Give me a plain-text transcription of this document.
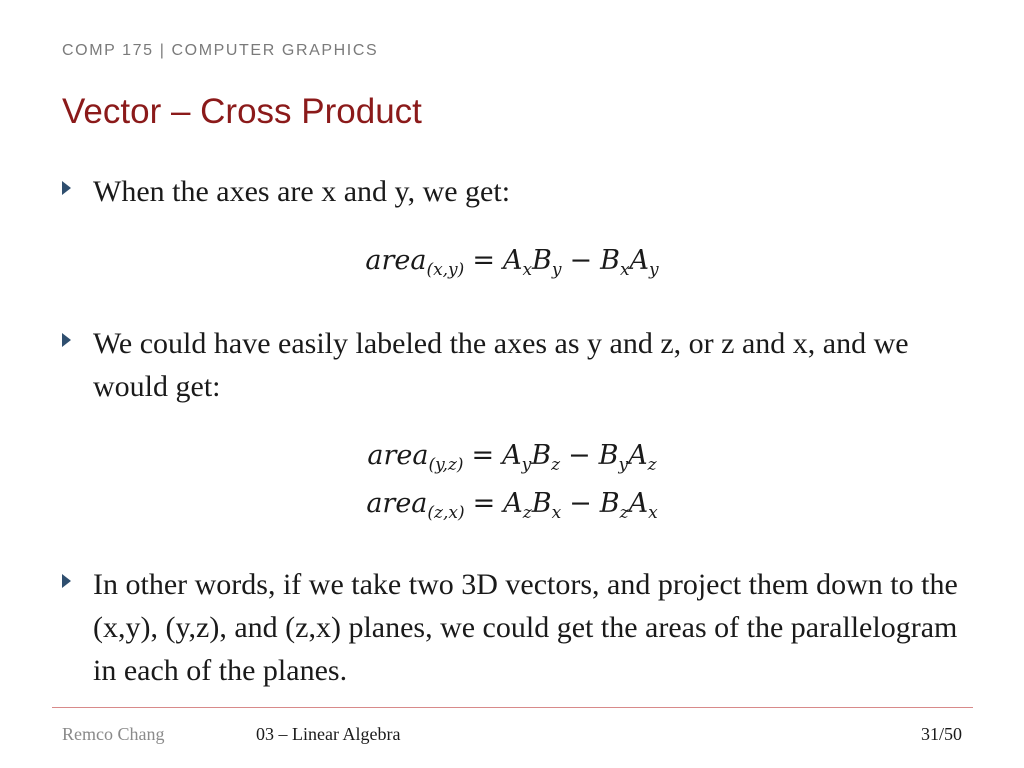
COMP 175 | COMPUTER GRAPHICS
Vector – Cross Product
When the axes are x and y, we get:
area$_{(x,y)}$ = $A_xB_y - B_xA_y$
We could have easily labeled the axes as y and z, or z and x, and we would get:
area$_{(y,z)}$ = $A_yB_z - B_yA_z$
area$_{(z,x)}$ = $A_zB_x - B_zA_x$
In other words, if we take two 3D vectors, and project them down to the (x,y), (y,z), and (z,x) planes, we could get the areas of the parallelogram in each of the planes.
Remco Chang	03 – Linear Algebra	31/50
